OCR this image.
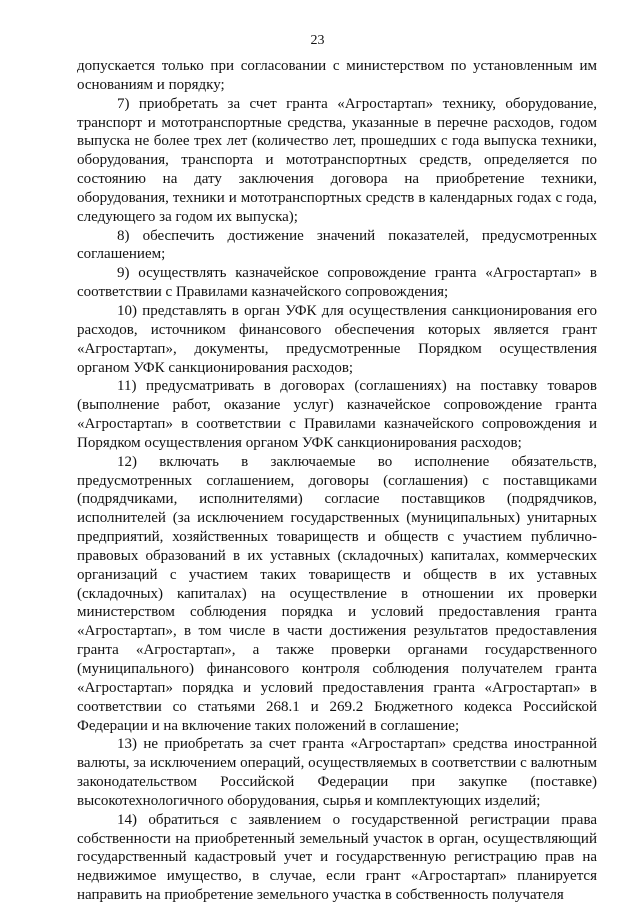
23

допускается только при согласовании с министерством по установленным им основаниям и порядку;

7) приобретать за счет гранта «Агростартап» технику, оборудование, транспорт и мототранспортные средства, указанные в перечне расходов, годом выпуска не более трех лет (количество лет, прошедших с года выпуска техники, оборудования, транспорта и мототранспортных средств, определяется по состоянию на дату заключения договора на приобретение техники, оборудования, техники и мототранспортных средств в календарных годах с года, следующего за годом их выпуска);

8) обеспечить достижение значений показателей, предусмотренных соглашением;

9) осуществлять казначейское сопровождение гранта «Агростартап» в соответствии с Правилами казначейского сопровождения;

10) представлять в орган УФК для осуществления санкционирования его расходов, источником финансового обеспечения которых является грант «Агростартап», документы, предусмотренные Порядком осуществления органом УФК санкционирования расходов;

11) предусматривать в договорах (соглашениях) на поставку товаров (выполнение работ, оказание услуг) казначейское сопровождение гранта «Агростартап» в соответствии с Правилами казначейского сопровождения и Порядком осуществления органом УФК санкционирования расходов;

12) включать в заключаемые во исполнение обязательств, предусмотренных соглашением, договоры (соглашения) с поставщиками (подрядчиками, исполнителями) согласие поставщиков (подрядчиков, исполнителей (за исключением государственных (муниципальных) унитарных предприятий, хозяйственных товариществ и обществ с участием публично-правовых образований в их уставных (складочных) капиталах, коммерческих организаций с участием таких товариществ и обществ в их уставных (складочных) капиталах) на осуществление в отношении их проверки министерством соблюдения порядка и условий предоставления гранта «Агростартап», в том числе в части достижения результатов предоставления гранта «Агростартап», а также проверки органами государственного (муниципального) финансового контроля соблюдения получателем гранта «Агростартап» порядка и условий предоставления гранта «Агростартап» в соответствии со статьями 268.1 и 269.2 Бюджетного кодекса Российской Федерации и на включение таких положений в соглашение;

13) не приобретать за счет гранта «Агростартап» средства иностранной валюты, за исключением операций, осуществляемых в соответствии с валютным законодательством Российской Федерации при закупке (поставке) высокотехнологичного оборудования, сырья и комплектующих изделий;

14) обратиться с заявлением о государственной регистрации права собственности на приобретенный земельный участок в орган, осуществляющий государственный кадастровый учет и государственную регистрацию прав на недвижимое имущество, в случае, если грант «Агростартап» планируется направить на приобретение земельного участка в собственность получателя
